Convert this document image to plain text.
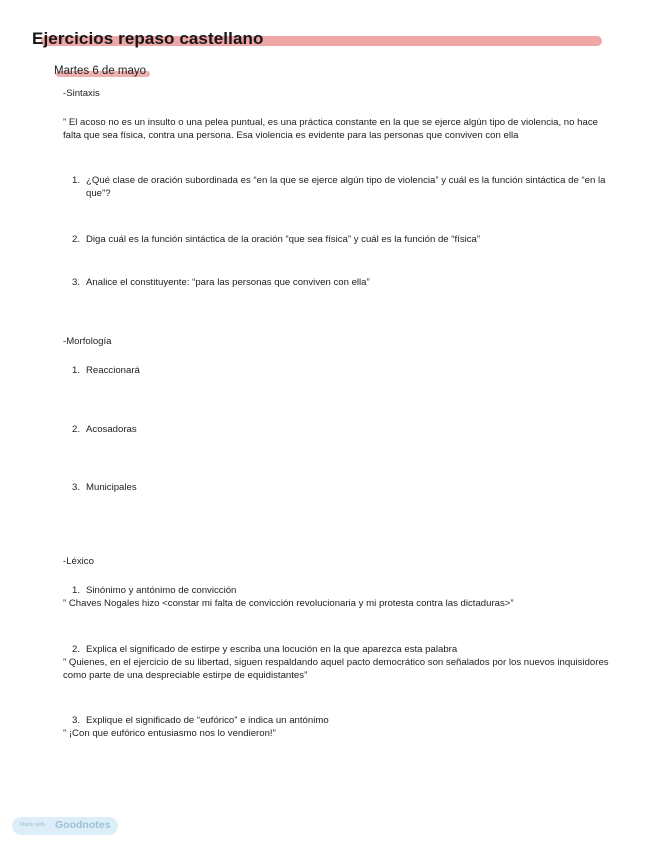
Ejercicios repaso castellano
Martes 6 de mayo
-Sintaxis
” El acoso no es un insulto o una pelea puntual, es una práctica constante en la que se ejerce algún tipo de violencia, no hace falta que sea física, contra una persona. Esa violencia es evidente para las personas que conviven con ella
1. ¿Qué clase de oración subordinada es “en la que se ejerce algún tipo de violencia” y cuál es la función sintáctica de “en la que”?
2. Diga cuál es la función sintáctica de la oración “que sea física” y cuál es la función de “física”
3. Analice el constituyente: “para las personas que conviven con ella”
-Morfología
1. Reaccionará
2. Acosadoras
3. Municipales
-Léxico
1. Sinónimo y antónimo de convicción
” Chaves Nogales hizo <constar mi falta de convicción revolucionaria y mi protesta contra las dictaduras>”
2. Explica el significado de estirpe y escriba una locución en la que aparezca esta palabra
” Quienes, en el ejercicio de su libertad, siguen respaldando aquel pacto democrático son señalados por los nuevos inquisidores como parte de una despreciable estirpe de equidistantes”
3. Explique el significado de “eufórico” e indica un antónimo
” ¡Con que eufórico entusiasmo nos lo vendieron!”
Made with Goodnotes
